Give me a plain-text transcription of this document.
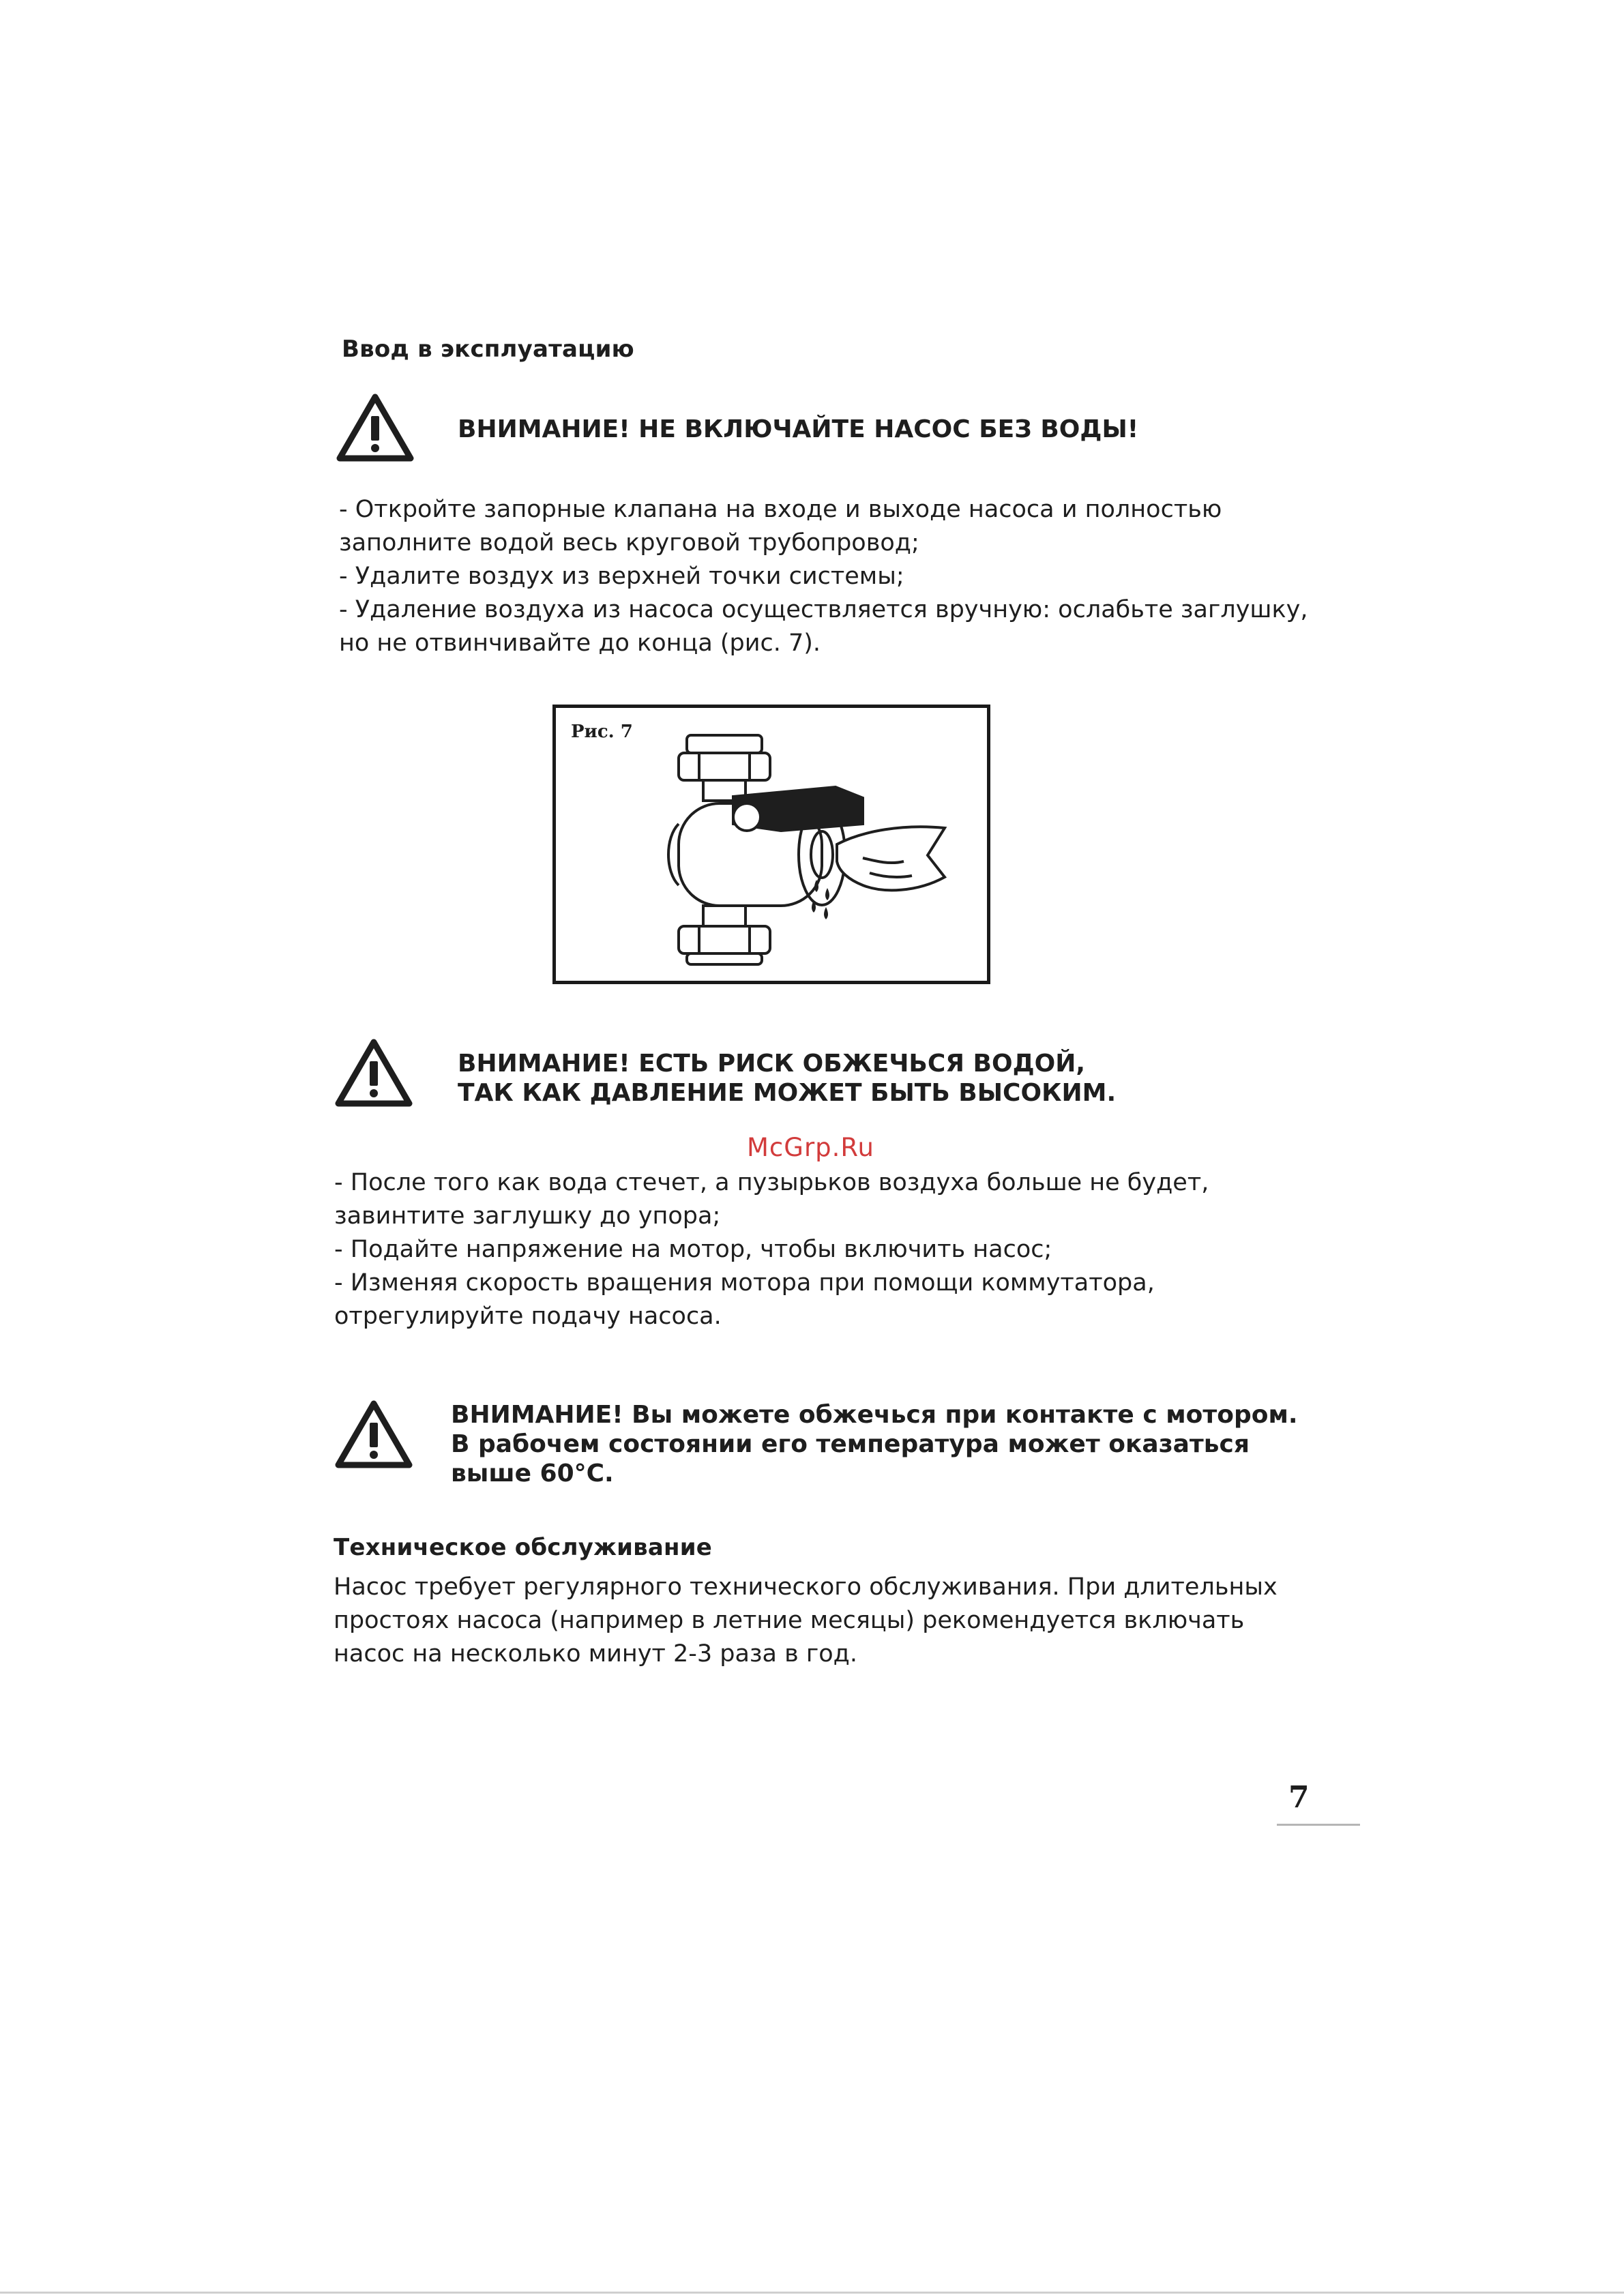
Ввод в эксплуатацию
ВНИМАНИЕ! НЕ ВКЛЮЧАЙТЕ НАСОС БЕЗ ВОДЫ!

- Откройте запорные клапана на входе и выходе насоса и полностью

заполните водой весь круговой трубопровод;

- Удалите воздух из верхней точки системы;

- Удаление воздуха из насоса осуществляется вручную: ослабьте заглушку,

но не отвинчивайте до конца (рис. 7).

Рис. 7
ВНИМАНИЕ! ЕСТЬ РИСК ОБЖЕЧЬСЯ ВОДОЙ,
ТАК КАК ДАВЛЕНИЕ МОЖЕТ БЫТЬ ВЫСОКИМ.
McGrp.Ru

- После того как вода стечет, а пузырьков воздуха больше не будет,

завинтите заглушку до упора;

- Подайте напряжение на мотор, чтобы включить насос;

- Изменяя скорость вращения мотора при помощи коммутатора,

отрегулируйте подачу насоса.

ВНИМАНИЕ! Вы можете обжечься при контакте с мотором.
В рабочем состоянии его температура может оказаться
выше 60°С.
Техническое обслуживание

Насос требует регулярного технического обслуживания. При длительных

простоях насоса (например в летние месяцы) рекомендуется включать

насос на несколько минут 2-3 раза в год.

7
